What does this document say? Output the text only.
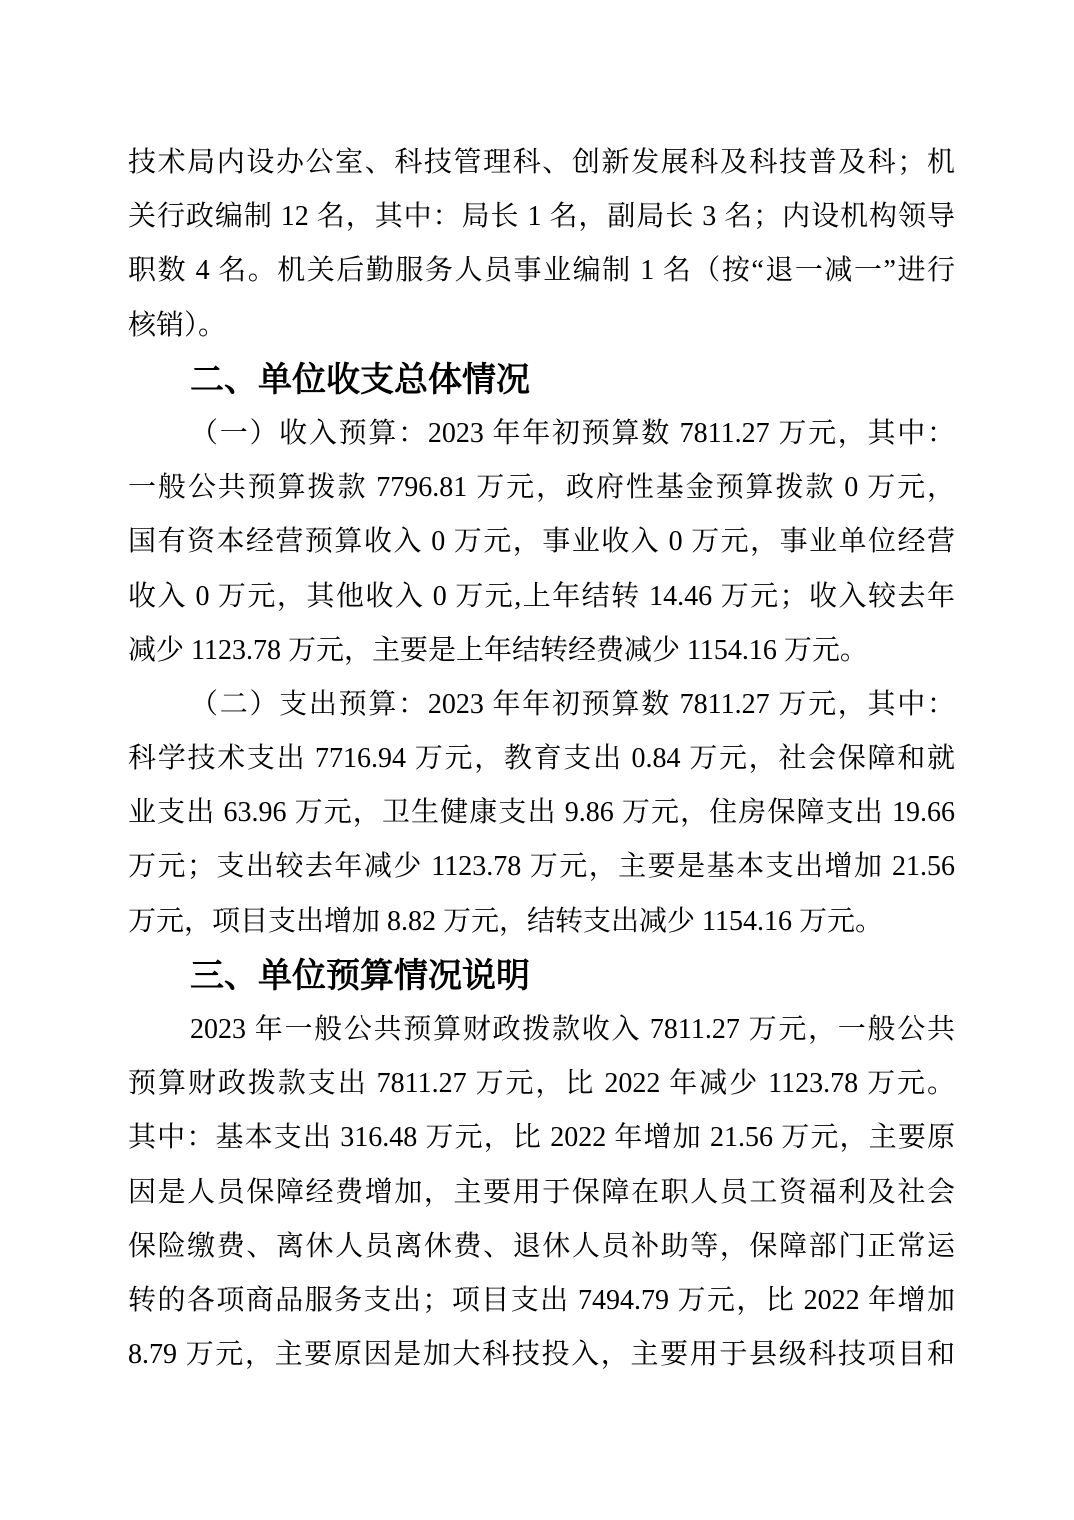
技术局内设办公室、科技管理科、创新发展科及科技普及科；机
关行政编制 12 名，其中：局长 1 名，副局长 3 名；内设机构领导
职数 4 名。机关后勤服务人员事业编制 1 名（按“退一减一”进行
核销）。
二、单位收支总体情况
（一）收入预算：2023 年年初预算数 7811.27 万元，其中：
一般公共预算拨款 7796.81 万元，政府性基金预算拨款 0 万元，
国有资本经营预算收入 0 万元，事业收入 0 万元，事业单位经营
收入 0 万元，其他收入 0 万元,上年结转 14.46 万元；收入较去年
减少 1123.78 万元，主要是上年结转经费减少 1154.16 万元。
（二）支出预算：2023 年年初预算数 7811.27 万元，其中：
科学技术支出 7716.94 万元，教育支出 0.84 万元，社会保障和就
业支出 63.96 万元，卫生健康支出 9.86 万元，住房保障支出 19.66
万元；支出较去年减少 1123.78 万元，主要是基本支出增加 21.56
万元，项目支出增加 8.82 万元，结转支出减少 1154.16 万元。
三、单位预算情况说明
2023 年一般公共预算财政拨款收入 7811.27 万元，一般公共
预算财政拨款支出 7811.27 万元，比 2022 年减少 1123.78 万元。
其中：基本支出 316.48 万元，比 2022 年增加 21.56 万元，主要原
因是人员保障经费增加，主要用于保障在职人员工资福利及社会
保险缴费、离休人员离休费、退休人员补助等，保障部门正常运
转的各项商品服务支出；项目支出 7494.79 万元，比 2022 年增加
8.79 万元，主要原因是加大科技投入，主要用于县级科技项目和
